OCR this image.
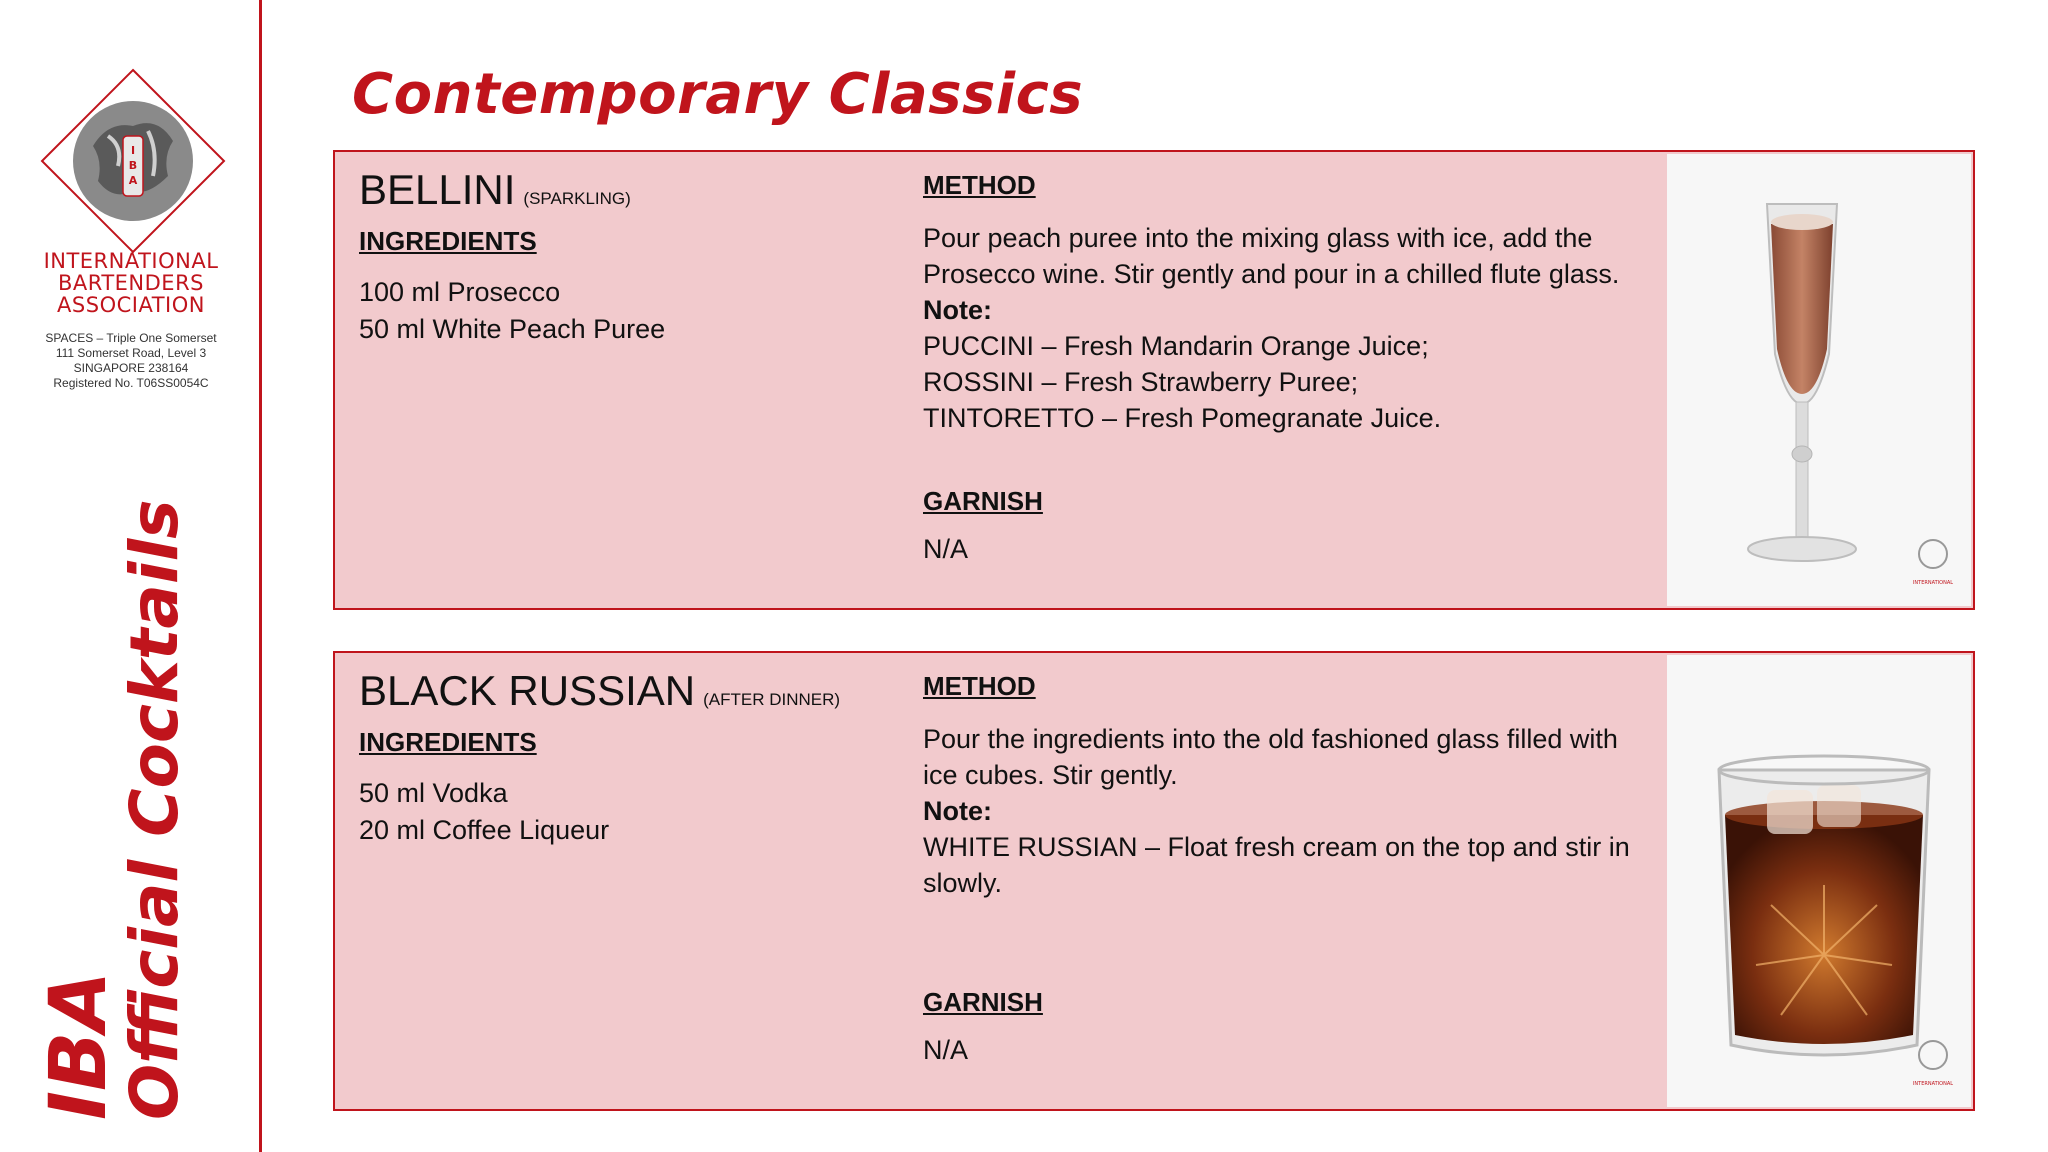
I
B
A
INTERNATIONAL
BARTENDERS
ASSOCIATION
SPACES – Triple One Somerset
111 Somerset Road, Level 3
SINGAPORE 238164
Registered No. T06SS0054C
IBA
Official Cocktails
Contemporary Classics
BELLINI (SPARKLING)
INGREDIENTS
100 ml Prosecco
50 ml White Peach Puree
METHOD
Pour peach puree into the mixing glass with ice, add the
Prosecco wine. Stir gently and pour in a chilled flute glass.
Note:
PUCCINI – Fresh Mandarin Orange Juice;
ROSSINI – Fresh Strawberry Puree;
TINTORETTO – Fresh Pomegranate Juice.
GARNISH
N/A
INTERNATIONAL
BLACK RUSSIAN (AFTER DINNER)
INGREDIENTS
50 ml Vodka
20 ml Coffee Liqueur
METHOD
Pour the ingredients into the old fashioned glass filled with
ice cubes. Stir gently.
Note:
WHITE RUSSIAN – Float fresh cream on the top and stir in
slowly.
GARNISH
N/A
INTERNATIONAL
